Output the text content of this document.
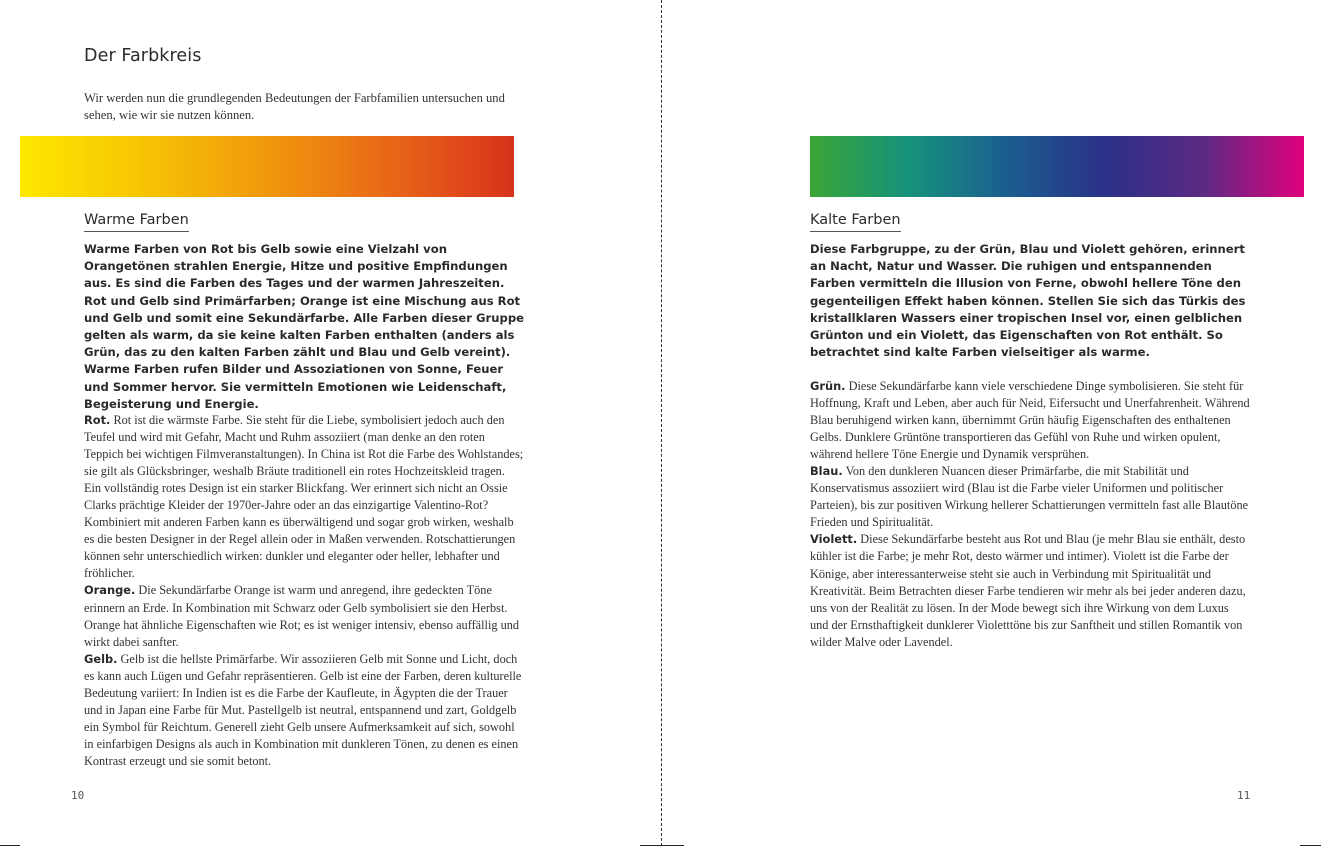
Der Farbkreis

Wir werden nun die grundlegenden Bedeutungen der Farbfamilien untersuchen und sehen, wie wir sie nutzen können.

Warme Farben

Warme Farben von Rot bis Gelb sowie eine Vielzahl von Orangetönen strahlen Energie, Hitze und positive Empfindungen aus. Es sind die Farben des Tages und der warmen Jahreszeiten. Rot und Gelb sind Primärfarben; Orange ist eine Mischung aus Rot und Gelb und somit eine Sekundärfarbe. Alle Farben dieser Gruppe gelten als warm, da sie keine kalten Farben enthalten (anders als Grün, das zu den kalten Farben zählt und Blau und Gelb vereint). Warme Farben rufen Bilder und Assoziationen von Sonne, Feuer und Sommer hervor. Sie vermitteln Emotionen wie Leidenschaft, Begeisterung und Energie.

Rot. Rot ist die wärmste Farbe. Sie steht für die Liebe, symbolisiert jedoch auch den Teufel und wird mit Gefahr, Macht und Ruhm assoziiert (man denke an den roten Teppich bei wichtigen Filmveranstaltungen). In China ist Rot die Farbe des Wohlstandes; sie gilt als Glücksbringer, weshalb Bräute traditionell ein rotes Hochzeitskleid tragen. Ein vollständig rotes Design ist ein starker Blickfang. Wer erinnert sich nicht an Ossie Clarks prächtige Kleider der 1970er-Jahre oder an das einzigartige Valentino-Rot? Kombiniert mit anderen Farben kann es überwältigend und sogar grob wirken, weshalb es die besten Designer in der Regel allein oder in Maßen verwenden. Rotschattierungen können sehr unterschiedlich wirken: dunkler und eleganter oder heller, lebhafter und fröhlicher.

Orange. Die Sekundärfarbe Orange ist warm und anregend, ihre gedeckten Töne erinnern an Erde. In Kombination mit Schwarz oder Gelb symbolisiert sie den Herbst. Orange hat ähnliche Eigenschaften wie Rot; es ist weniger intensiv, ebenso auffällig und wirkt dabei sanfter.

Gelb. Gelb ist die hellste Primärfarbe. Wir assoziieren Gelb mit Sonne und Licht, doch es kann auch Lügen und Gefahr repräsentieren. Gelb ist eine der Farben, deren kulturelle Bedeutung variiert: In Indien ist es die Farbe der Kaufleute, in Ägypten die der Trauer und in Japan eine Farbe für Mut. Pastellgelb ist neutral, entspannend und zart, Goldgelb ein Symbol für Reichtum. Generell zieht Gelb unsere Aufmerksamkeit auf sich, sowohl in einfarbigen Designs als auch in Kombination mit dunkleren Tönen, zu denen es einen Kontrast erzeugt und sie somit betont.

10
Kalte Farben

Diese Farbgruppe, zu der Grün, Blau und Violett gehören, erinnert an Nacht, Natur und Wasser. Die ruhigen und entspannenden Farben vermitteln die Illusion von Ferne, obwohl hellere Töne den gegenteiligen Effekt haben können. Stellen Sie sich das Türkis des kristallklaren Wassers einer tropischen Insel vor, einen gelblichen Grünton und ein Violett, das Eigenschaften von Rot enthält. So betrachtet sind kalte Farben vielseitiger als warme.

Grün. Diese Sekundärfarbe kann viele verschiedene Dinge symbolisieren. Sie steht für Hoffnung, Kraft und Leben, aber auch für Neid, Eifersucht und Unerfahrenheit. Während Blau beruhigend wirken kann, übernimmt Grün häufig Eigenschaften des enthaltenen Gelbs. Dunklere Grüntöne transportieren das Gefühl von Ruhe und wirken opulent, während hellere Töne Energie und Dynamik versprühen.

Blau. Von den dunkleren Nuancen dieser Primärfarbe, die mit Stabilität und Konservatismus assoziiert wird (Blau ist die Farbe vieler Uniformen und politischer Parteien), bis zur positiven Wirkung hellerer Schattierungen vermitteln fast alle Blautöne Frieden und Spiritualität.

Violett. Diese Sekundärfarbe besteht aus Rot und Blau (je mehr Blau sie enthält, desto kühler ist die Farbe; je mehr Rot, desto wärmer und intimer). Violett ist die Farbe der Könige, aber interessanterweise steht sie auch in Verbindung mit Spiritualität und Kreativität. Beim Betrachten dieser Farbe tendieren wir mehr als bei jeder anderen dazu, uns von der Realität zu lösen. In der Mode bewegt sich ihre Wirkung von dem Luxus und der Ernsthaftigkeit dunklerer Violetttöne bis zur Sanftheit und stillen Romantik von wilder Malve oder Lavendel.

11
